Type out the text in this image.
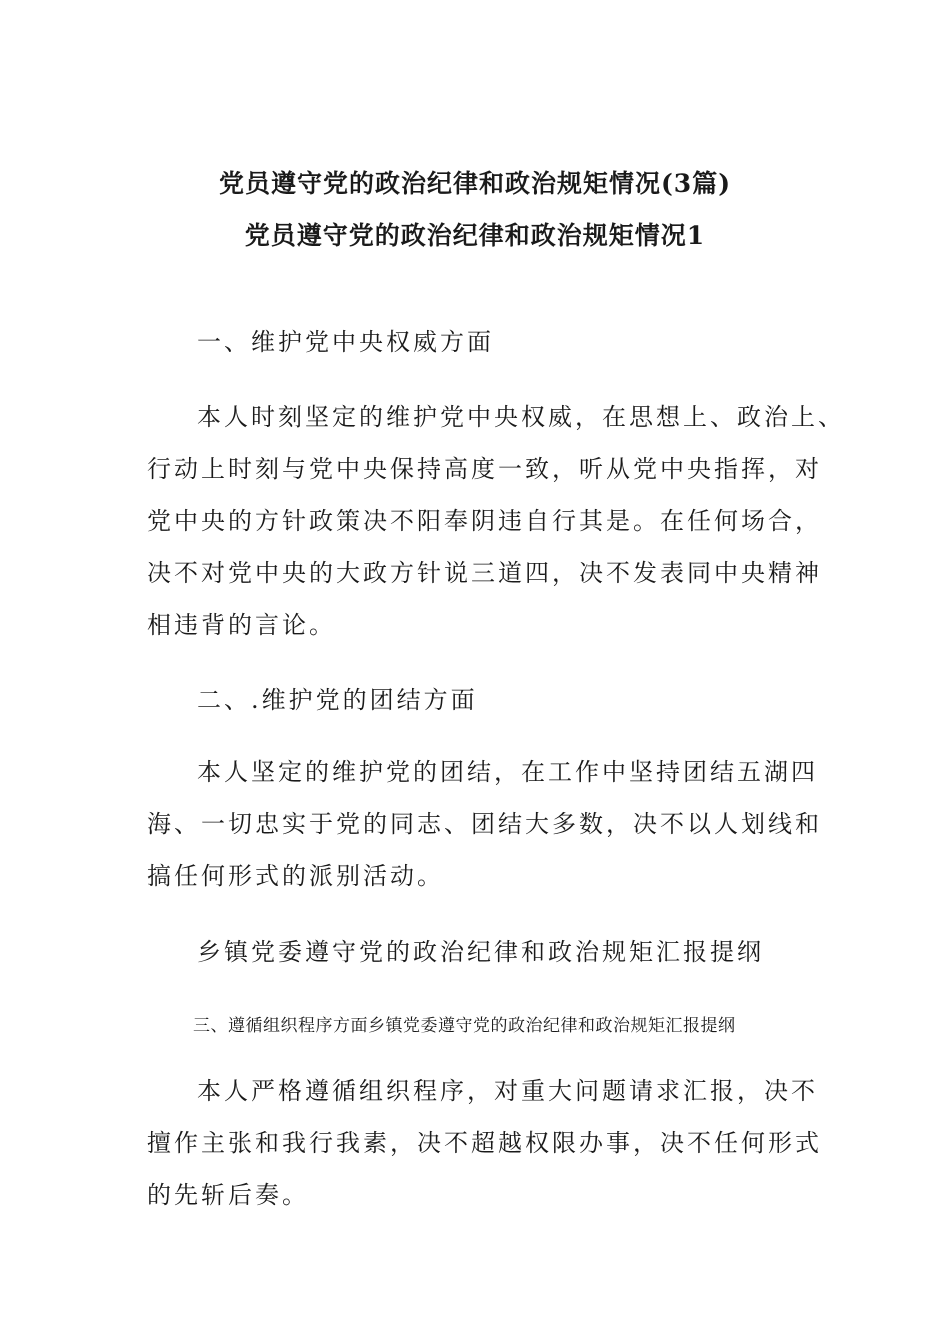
党员遵守党的政治纪律和政治规矩情况(3篇)
党员遵守党的政治纪律和政治规矩情况1
一、维护党中央权威方面
本人时刻坚定的维护党中央权威，在思想上、政治上、
行动上时刻与党中央保持高度一致，听从党中央指挥，对
党中央的方针政策决不阳奉阴违自行其是。在任何场合，
决不对党中央的大政方针说三道四，决不发表同中央精神
相违背的言论。
二、.维护党的团结方面
本人坚定的维护党的团结，在工作中坚持团结五湖四
海、一切忠实于党的同志、团结大多数，决不以人划线和
搞任何形式的派别活动。
乡镇党委遵守党的政治纪律和政治规矩汇报提纲
三、遵循组织程序方面乡镇党委遵守党的政治纪律和政治规矩汇报提纲
本人严格遵循组织程序，对重大问题请求汇报，决不
擅作主张和我行我素，决不超越权限办事，决不任何形式
的先斩后奏。
